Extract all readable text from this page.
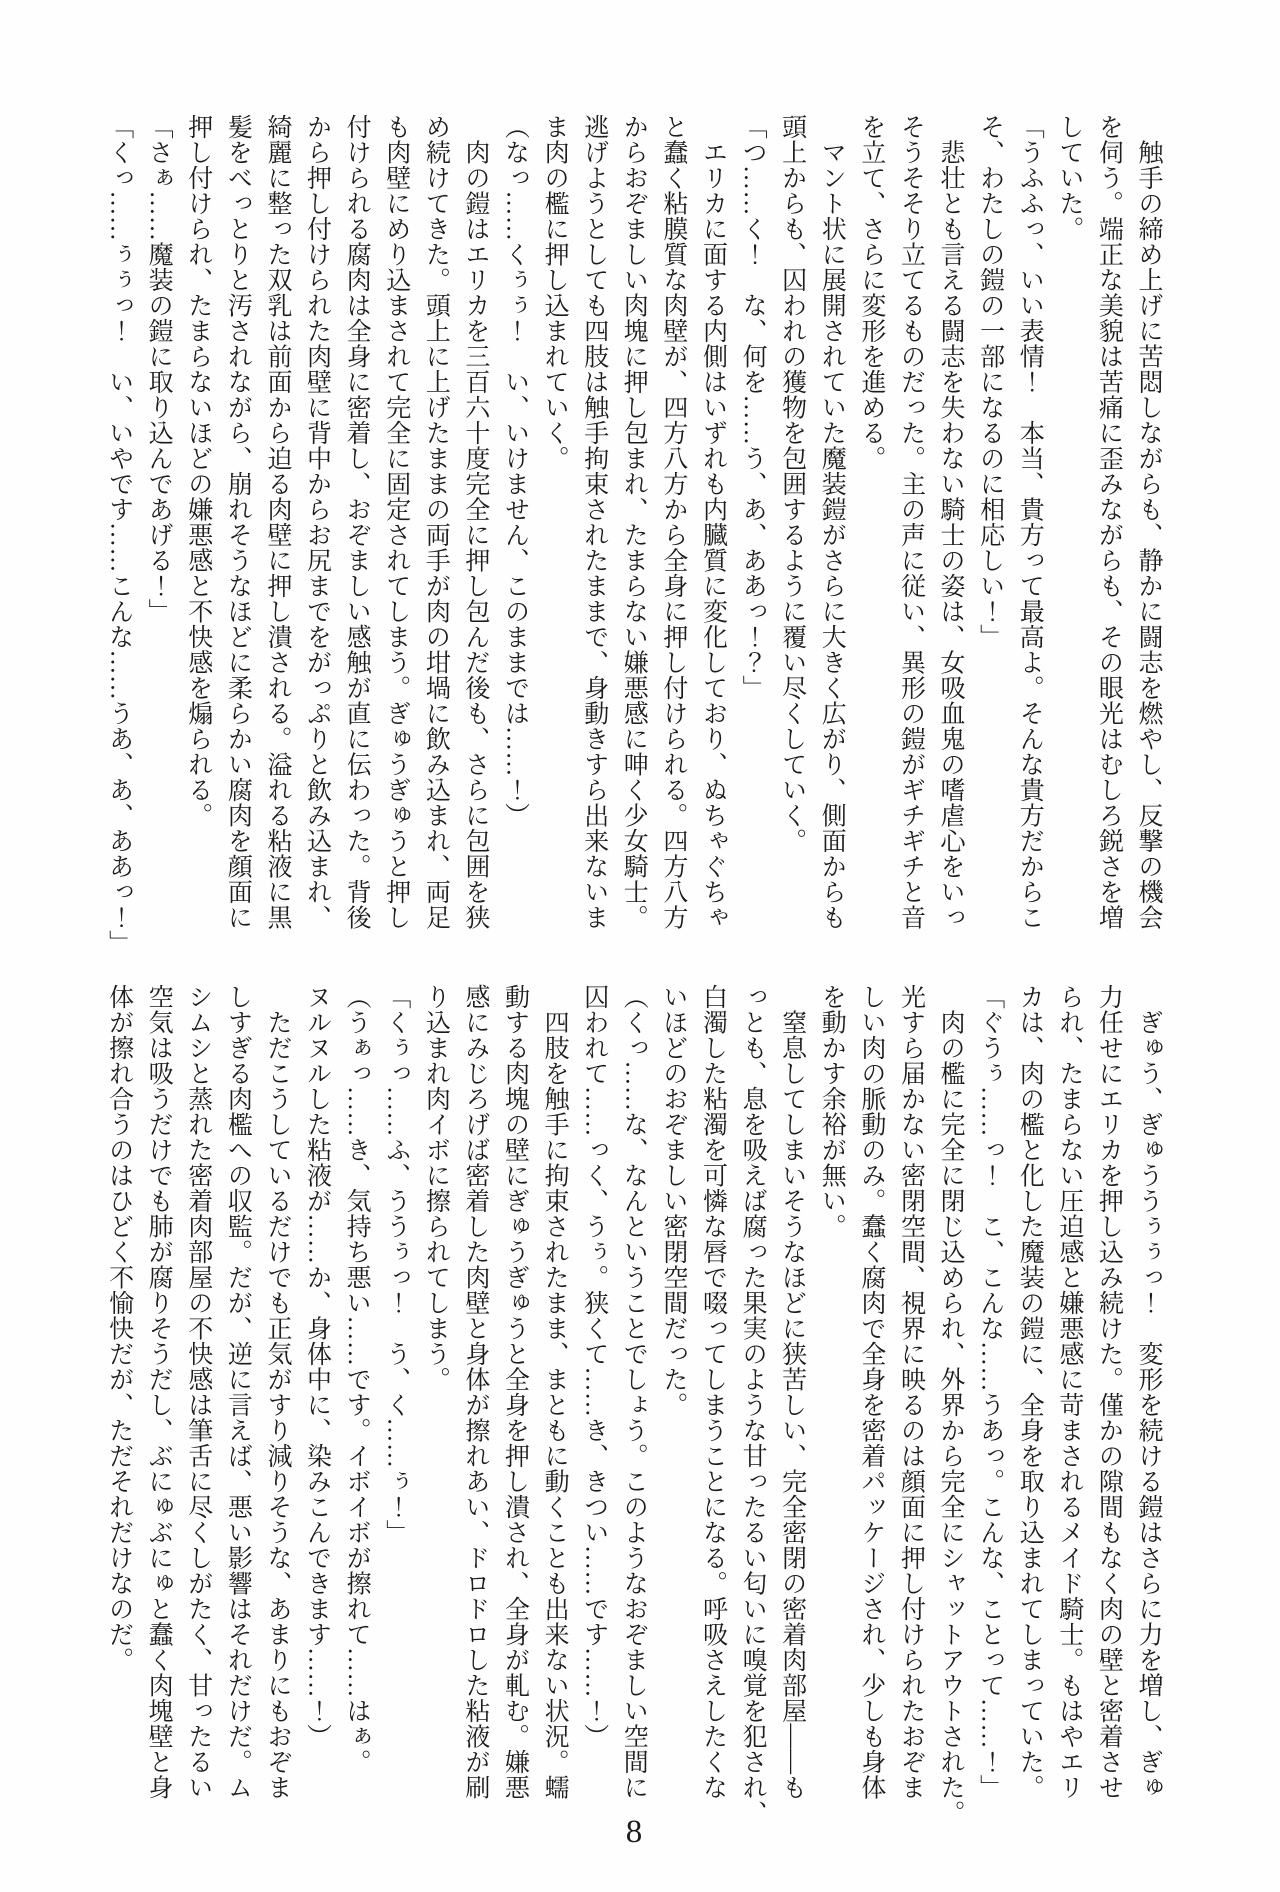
　触手の締め上げに苦悶しながらも、静かに闘志を燃やし、反撃の機会

を伺う。端正な美貌は苦痛に歪みながらも、その眼光はむしろ鋭さを増

していた。

「うふふっ、いい表情！　本当、貴方って最高よ。そんな貴方だからこ

そ、わたしの鎧の一部になるのに相応しい！」

　悲壮とも言える闘志を失わない騎士の姿は、女吸血鬼の嗜虐心をいっ

そうそそり立てるものだった。主の声に従い、異形の鎧がギチギチと音

を立て、さらに変形を進める。

　マント状に展開されていた魔装鎧がさらに大きく広がり、側面からも

頭上からも、囚われの獲物を包囲するように覆い尽くしていく。

「つ……く！　な、何を……う、あ、ああっ！？」

　エリカに面する内側はいずれも内臓質に変化しており、ぬちゃぐちゃ

と蠢く粘膜質な肉壁が、四方八方から全身に押し付けられる。四方八方

からおぞましい肉塊に押し包まれ、たまらない嫌悪感に呻く少女騎士。

逃げようとしても四肢は触手拘束されたままで、身動きすら出来ないま

ま肉の檻に押し込まれていく。

（なっ……くぅぅ！　い、いけません、このままでは……！）

　肉の鎧はエリカを三百六十度完全に押し包んだ後も、さらに包囲を狭

め続けてきた。頭上に上げたままの両手が肉の坩堝に飲み込まれ、両足

も肉壁にめり込まされて完全に固定されてしまう。ぎゅうぎゅうと押し

付けられる腐肉は全身に密着し、おぞましい感触が直に伝わった。背後

から押し付けられた肉壁に背中からお尻までをがっぷりと飲み込まれ、

綺麗に整った双乳は前面から迫る肉壁に押し潰される。溢れる粘液に黒

髪をべっとりと汚されながら、崩れそうなほどに柔らかい腐肉を顔面に

押し付けられ、たまらないほどの嫌悪感と不快感を煽られる。

「さぁ……魔装の鎧に取り込んであげる！」

「くっ……ぅぅっ！　い、いやです……こんな……うあ、あ、ああっ！」

　ぎゅう、ぎゅううぅぅっ！　変形を続ける鎧はさらに力を増し、ぎゅ

力任せにエリカを押し込み続けた。僅かの隙間もなく肉の壁と密着させ

られ、たまらない圧迫感と嫌悪感に苛まされるメイド騎士。もはやエリ

カは、肉の檻と化した魔装の鎧に、全身を取り込まれてしまっていた。

「ぐうぅ……っ！　こ、こんな……うあっ。こんな、ことって……！」

　肉の檻に完全に閉じ込められ、外界から完全にシャットアウトされた。

光すら届かない密閉空間、視界に映るのは顔面に押し付けられたおぞま

しい肉の脈動のみ。蠢く腐肉で全身を密着パッケージされ、少しも身体

を動かす余裕が無い。

　窒息してしまいそうなほどに狭苦しい、完全密閉の密着肉部屋――も

っとも、息を吸えば腐った果実のような甘ったるい匂いに嗅覚を犯され、

白濁した粘濁を可憐な唇で啜ってしまうことになる。呼吸さえしたくな

いほどのおぞましい密閉空間だった。

（くっ……な、なんということでしょう。このようなおぞましい空間に

囚われて……っく、うぅ。狭くて……き、きつい……です……！）

　四肢を触手に拘束されたまま、まともに動くことも出来ない状況。蠕

動する肉塊の壁にぎゅうぎゅうと全身を押し潰され、全身が軋む。嫌悪

感にみじろげば密着した肉壁と身体が擦れあい、ドロドロした粘液が刷

り込まれ肉イボに擦られてしまう。

「くぅっ……ふ、ううぅっ！　う、く……ぅ！」

（うぁっ……き、気持ち悪い……です。イボイボが擦れて……はぁ。

ヌルヌルした粘液が……か、身体中に、染みこんできます……！）

　ただこうしているだけでも正気がすり減りそうな、あまりにもおぞま

しすぎる肉檻への収監。だが、逆に言えば、悪い影響はそれだけだ。ム

シムシと蒸れた密着肉部屋の不快感は筆舌に尽くしがたく、甘ったるい

空気は吸うだけでも肺が腐りそうだし、ぶにゅぶにゅと蠢く肉塊壁と身

体が擦れ合うのはひどく不愉快だが、ただそれだけなのだ。

8
